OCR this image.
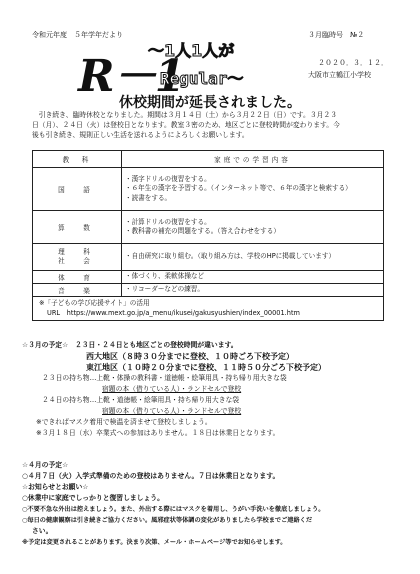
令和元年度　５年学年だより	３月臨時号　№２
２０２０．３．１２．
大阪市立鶴江小学校
R－1
～1人1人が
Regular～
休校期間が延長されました。
　引き続き、臨時休校となりました。期間は３月１４日（土）から３月２２日（日）です。３月２３
日（月）、２４日（火）は登校日となります。教室３密のため、地区ごとに登校時間が変わります。今
後も引き続き、規則正しい生活を送れるようによろしくお願いします。
教　科	家庭での学習内容
国　語	・漢字ドリルの復習をする。
・６年生の漢字を予習する。（インターネット等で、６年の漢字と検索する）
・読書をする。

算　数	・計算ドリルの復習をする。
・教科書の補充の問題をする。（答え合わせをする）

理　科
社　会	・自由研究に取り組む。（取り組み方は、学校のHPに掲載しています）

体　育	・体づくり、柔軟体操など

音　楽	・リコーダーなどの練習。

※「子どもの学び応援サイト」の活用
URL　https://www.mext.go.jp/a_menu/ikusei/gakusyushien/index_00001.htm	
☆３月の予定☆　２３日・２４日とも地区ごとの登校時間が違います。
西大地区（８時３０分までに登校、１０時ごろ下校予定）
東江地区（１０時２０分までに登校、１１時５０分ごろ下校予定）
２３日の持ち物…上靴・体操の教科書・道徳帳・絵筆用具・持ち帰り用大きな袋
宿題の本（借りている人）・ランドセルで登校
２４日の持ち物…上靴・道徳帳・絵筆用具・持ち帰り用大きな袋
宿題の本（借りている人）・ランドセルで登校
※できればマスク着用で検温を済ませて登校しましょう。
※３月１８日（水）卒業式への参加はありません。１８日は休業日となります。
☆４月の予定☆
○４月７日（火）入学式準備のための登校はありません。７日は休業日となります。
☆お知らせとお願い☆
○休業中に家庭でしっかりと復習しましょう。
○不要不急な外出は控えましょう。また、外出する際にはマスクを着用し、うがい手洗いを徹底しましょう。
○毎日の健康観察は引き続きご協力ください。風邪症状等体調の変化がありましたら学校までご連絡くだ
さい。
※予定は変更されることがあります。決まり次第、メール・ホームページ等でお知らせします。
